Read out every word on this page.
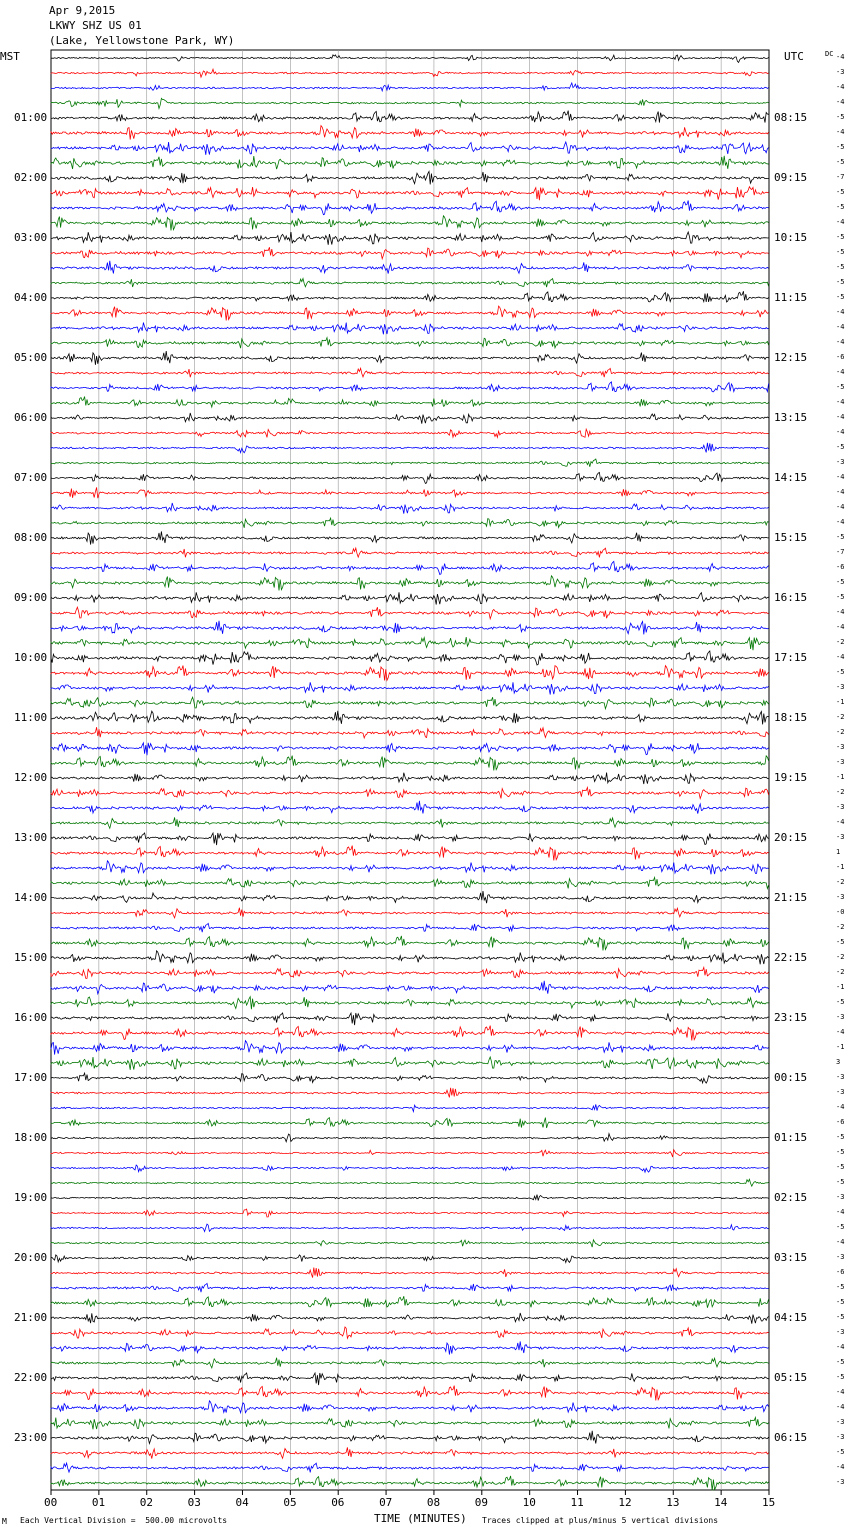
Apr 9,2015
LKWY SHZ US 01
(Lake, Yellowstone Park, WY)
MST	UTC	DC
01:00
02:00
03:00
04:00
05:00
06:00
07:00
08:00
09:00
10:00
11:00
12:00
13:00
14:00
15:00
16:00
17:00
18:00
19:00
20:00
21:00
22:00
23:00
08:15
09:15
10:15
11:15
12:15
13:15
14:15
15:15
16:15
17:15
18:15
19:15
20:15
21:15
22:15
23:15
00:15
01:15
02:15
03:15
04:15
05:15
06:15
-4
-3
-4
-4
-5
-4
-5
-5
-7
-5
-5
-4
-5
-5
-5
-5
-5
-4
-4
-4
-6
-4
-5
-4
-4
-4
-5
-3
-4
-4
-4
-4
-5
-7
-6
-5
-5
-4
-4
-2
-4
-5
-3
-1
-2
-2
-3
-3
-1
-2
-3
-4
-3
1
-1
-2
-3
-0
-2
-5
-2
-2
-1
-5
-3
-4
-1
3
-3
-3
-4
-6
-5
-5
-5
-5
-3
-4
-5
-4
-3
-6
-5
-5
-5
-3
-4
-5
-5
-4
-4
-3
-3
-5
-4
-3
00	01	02	03	04	05	06	07	08	09	10	11	12	13	14	15
M Each Vertical Division =  500.00 microvolts	TIME (MINUTES) Traces clipped at plus/minus 5 vertical divisions
